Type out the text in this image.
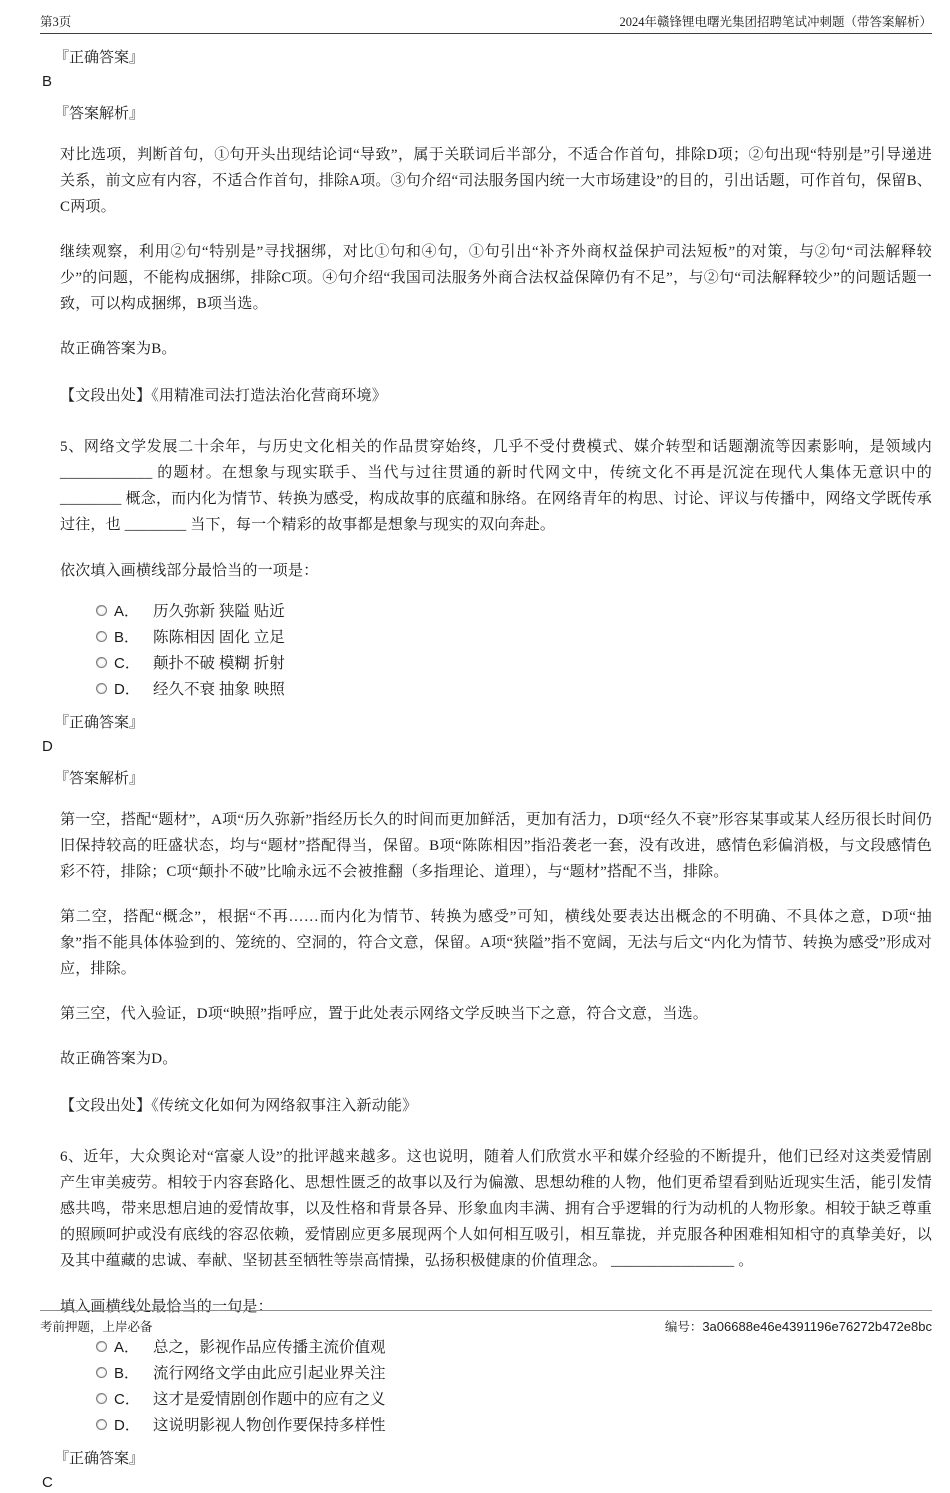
第3页	2024年赣锋锂电曙光集团招聘笔试冲刺题（带答案解析）
『正确答案』
B
『答案解析』

对比选项，判断首句，①句开头出现结论词“导致”，属于关联词后半部分，不适合作首句，排除D项；②句出现“特别是”引导递进关系，前文应有内容，不适合作首句，排除A项。③句介绍“司法服务国内统一大市场建设”的目的，引出话题，可作首句，保留B、C两项。

继续观察，利用②句“特别是”寻找捆绑，对比①句和④句，①句引出“补齐外商权益保护司法短板”的对策，与②句“司法解释较少”的问题，不能构成捆绑，排除C项。④句介绍“我国司法服务外商合法权益保障仍有不足”，与②句“司法解释较少”的问题话题一致，可以构成捆绑，B项当选。

故正确答案为B。

【文段出处】《用精准司法打造法治化营商环境》

5、网络文学发展二十余年，与历史文化相关的作品贯穿始终，几乎不受付费模式、媒介转型和话题潮流等因素影响，是领域内 ____________ 的题材。在想象与现实联手、当代与过往贯通的新时代网文中，传统文化不再是沉淀在现代人集体无意识中的 ________ 概念，而内化为情节、转换为感受，构成故事的底蕴和脉络。在网络青年的构思、讨论、评议与传播中，网络文学既传承过往，也 ________ 当下，每一个精彩的故事都是想象与现实的双向奔赴。

依次填入画横线部分最恰当的一项是：

A． 历久弥新 狭隘 贴近
B． 陈陈相因 固化 立足
C． 颠扑不破 模糊 折射
D． 经久不衰 抽象 映照
『正确答案』
D
『答案解析』

第一空，搭配“题材”，A项“历久弥新”指经历长久的时间而更加鲜活，更加有活力，D项“经久不衰”形容某事或某人经历很长时间仍旧保持较高的旺盛状态，均与“题材”搭配得当，保留。B项“陈陈相因”指沿袭老一套，没有改进，感情色彩偏消极，与文段感情色彩不符，排除；C项“颠扑不破”比喻永远不会被推翻（多指理论、道理），与“题材”搭配不当，排除。

第二空，搭配“概念”，根据“不再……而内化为情节、转换为感受”可知，横线处要表达出概念的不明确、不具体之意，D项“抽象”指不能具体体验到的、笼统的、空洞的，符合文意，保留。A项“狭隘”指不宽阔，无法与后文“内化为情节、转换为感受”形成对应，排除。

第三空，代入验证，D项“映照”指呼应，置于此处表示网络文学反映当下之意，符合文意，当选。

故正确答案为D。

【文段出处】《传统文化如何为网络叙事注入新动能》

6、近年，大众舆论对“富豪人设”的批评越来越多。这也说明，随着人们欣赏水平和媒介经验的不断提升，他们已经对这类爱情剧产生审美疲劳。相较于内容套路化、思想性匮乏的故事以及行为偏激、思想幼稚的人物，他们更希望看到贴近现实生活，能引发情感共鸣，带来思想启迪的爱情故事，以及性格和背景各异、形象血肉丰满、拥有合乎逻辑的行为动机的人物形象。相较于缺乏尊重的照顾呵护或没有底线的容忍依赖，爱情剧应更多展现两个人如何相互吸引，相互靠拢，并克服各种困难相知相守的真挚美好，以及其中蕴藏的忠诚、奉献、坚韧甚至牺牲等崇高情操，弘扬积极健康的价值理念。 ________________ 。

填入画横线处最恰当的一句是：

A． 总之，影视作品应传播主流价值观
B． 流行网络文学由此应引起业界关注
C． 这才是爱情剧创作题中的应有之义
D． 这说明影视人物创作要保持多样性
『正确答案』
C
考前押题，上岸必备	编号：3a06688e46e4391196e76272b472e8bc
